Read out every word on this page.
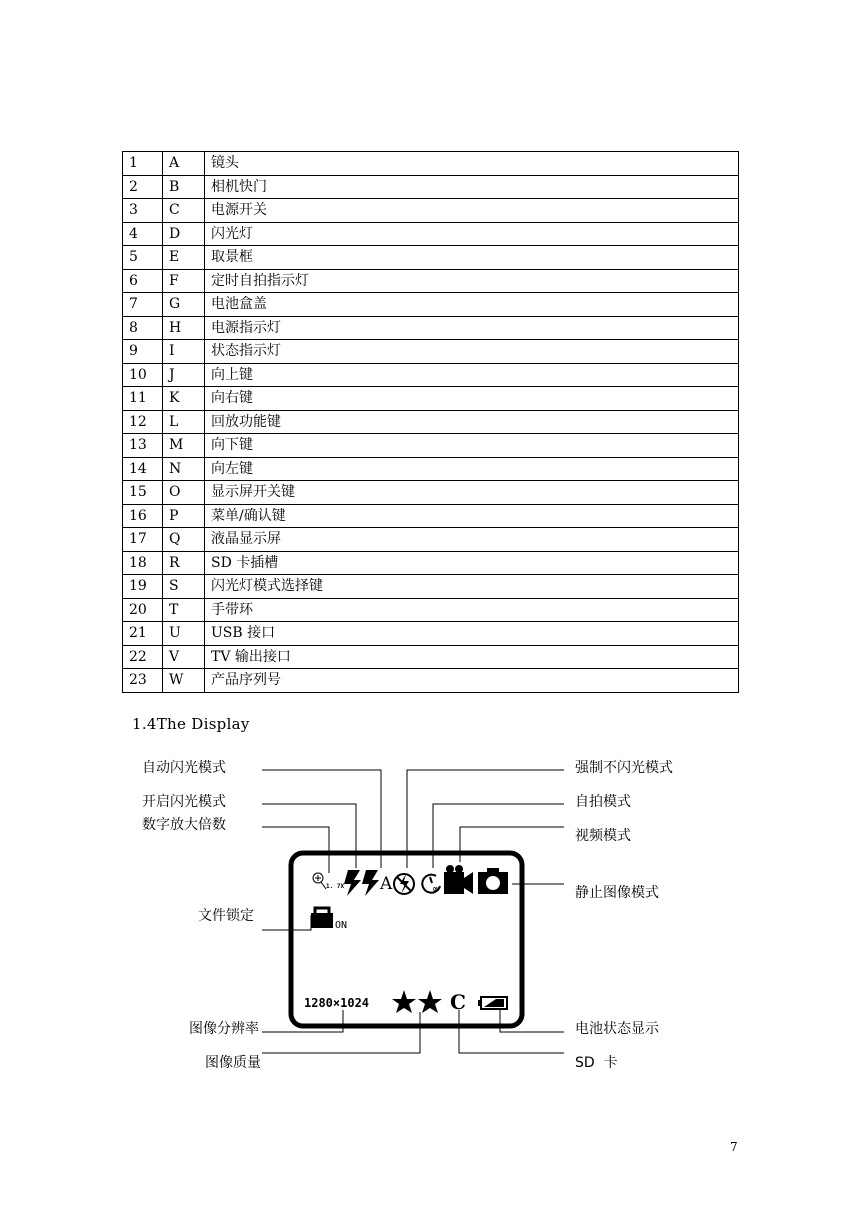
1	A	镜头
2	B	相机快门
3	C	电源开关
4	D	闪光灯
5	E	取景框
6	F	定时自拍指示灯
7	G	电池盒盖
8	H	电源指示灯
9	I	状态指示灯
10	J	向上键
11	K	向右键
12	L	回放功能键
13	M	向下键
14	N	向左键
15	O	显示屏开关键
16	P	菜单/确认键
17	Q	液晶显示屏
18	R	SD 卡插槽
19	S	闪光灯模式选择键
20	T	手带环
21	U	USB 接口
22	V	TV 输出接口
23	W	产品序列号
1.4The Display
1. 7X A	ON
ON
1280×1024	C
自动闪光模式
开启闪光模式
数字放大倍数
文件锁定
图像分辨率
图像质量
强制不闪光模式
自拍模式
视频模式
静止图像模式
电池状态显示
SD  卡
7
